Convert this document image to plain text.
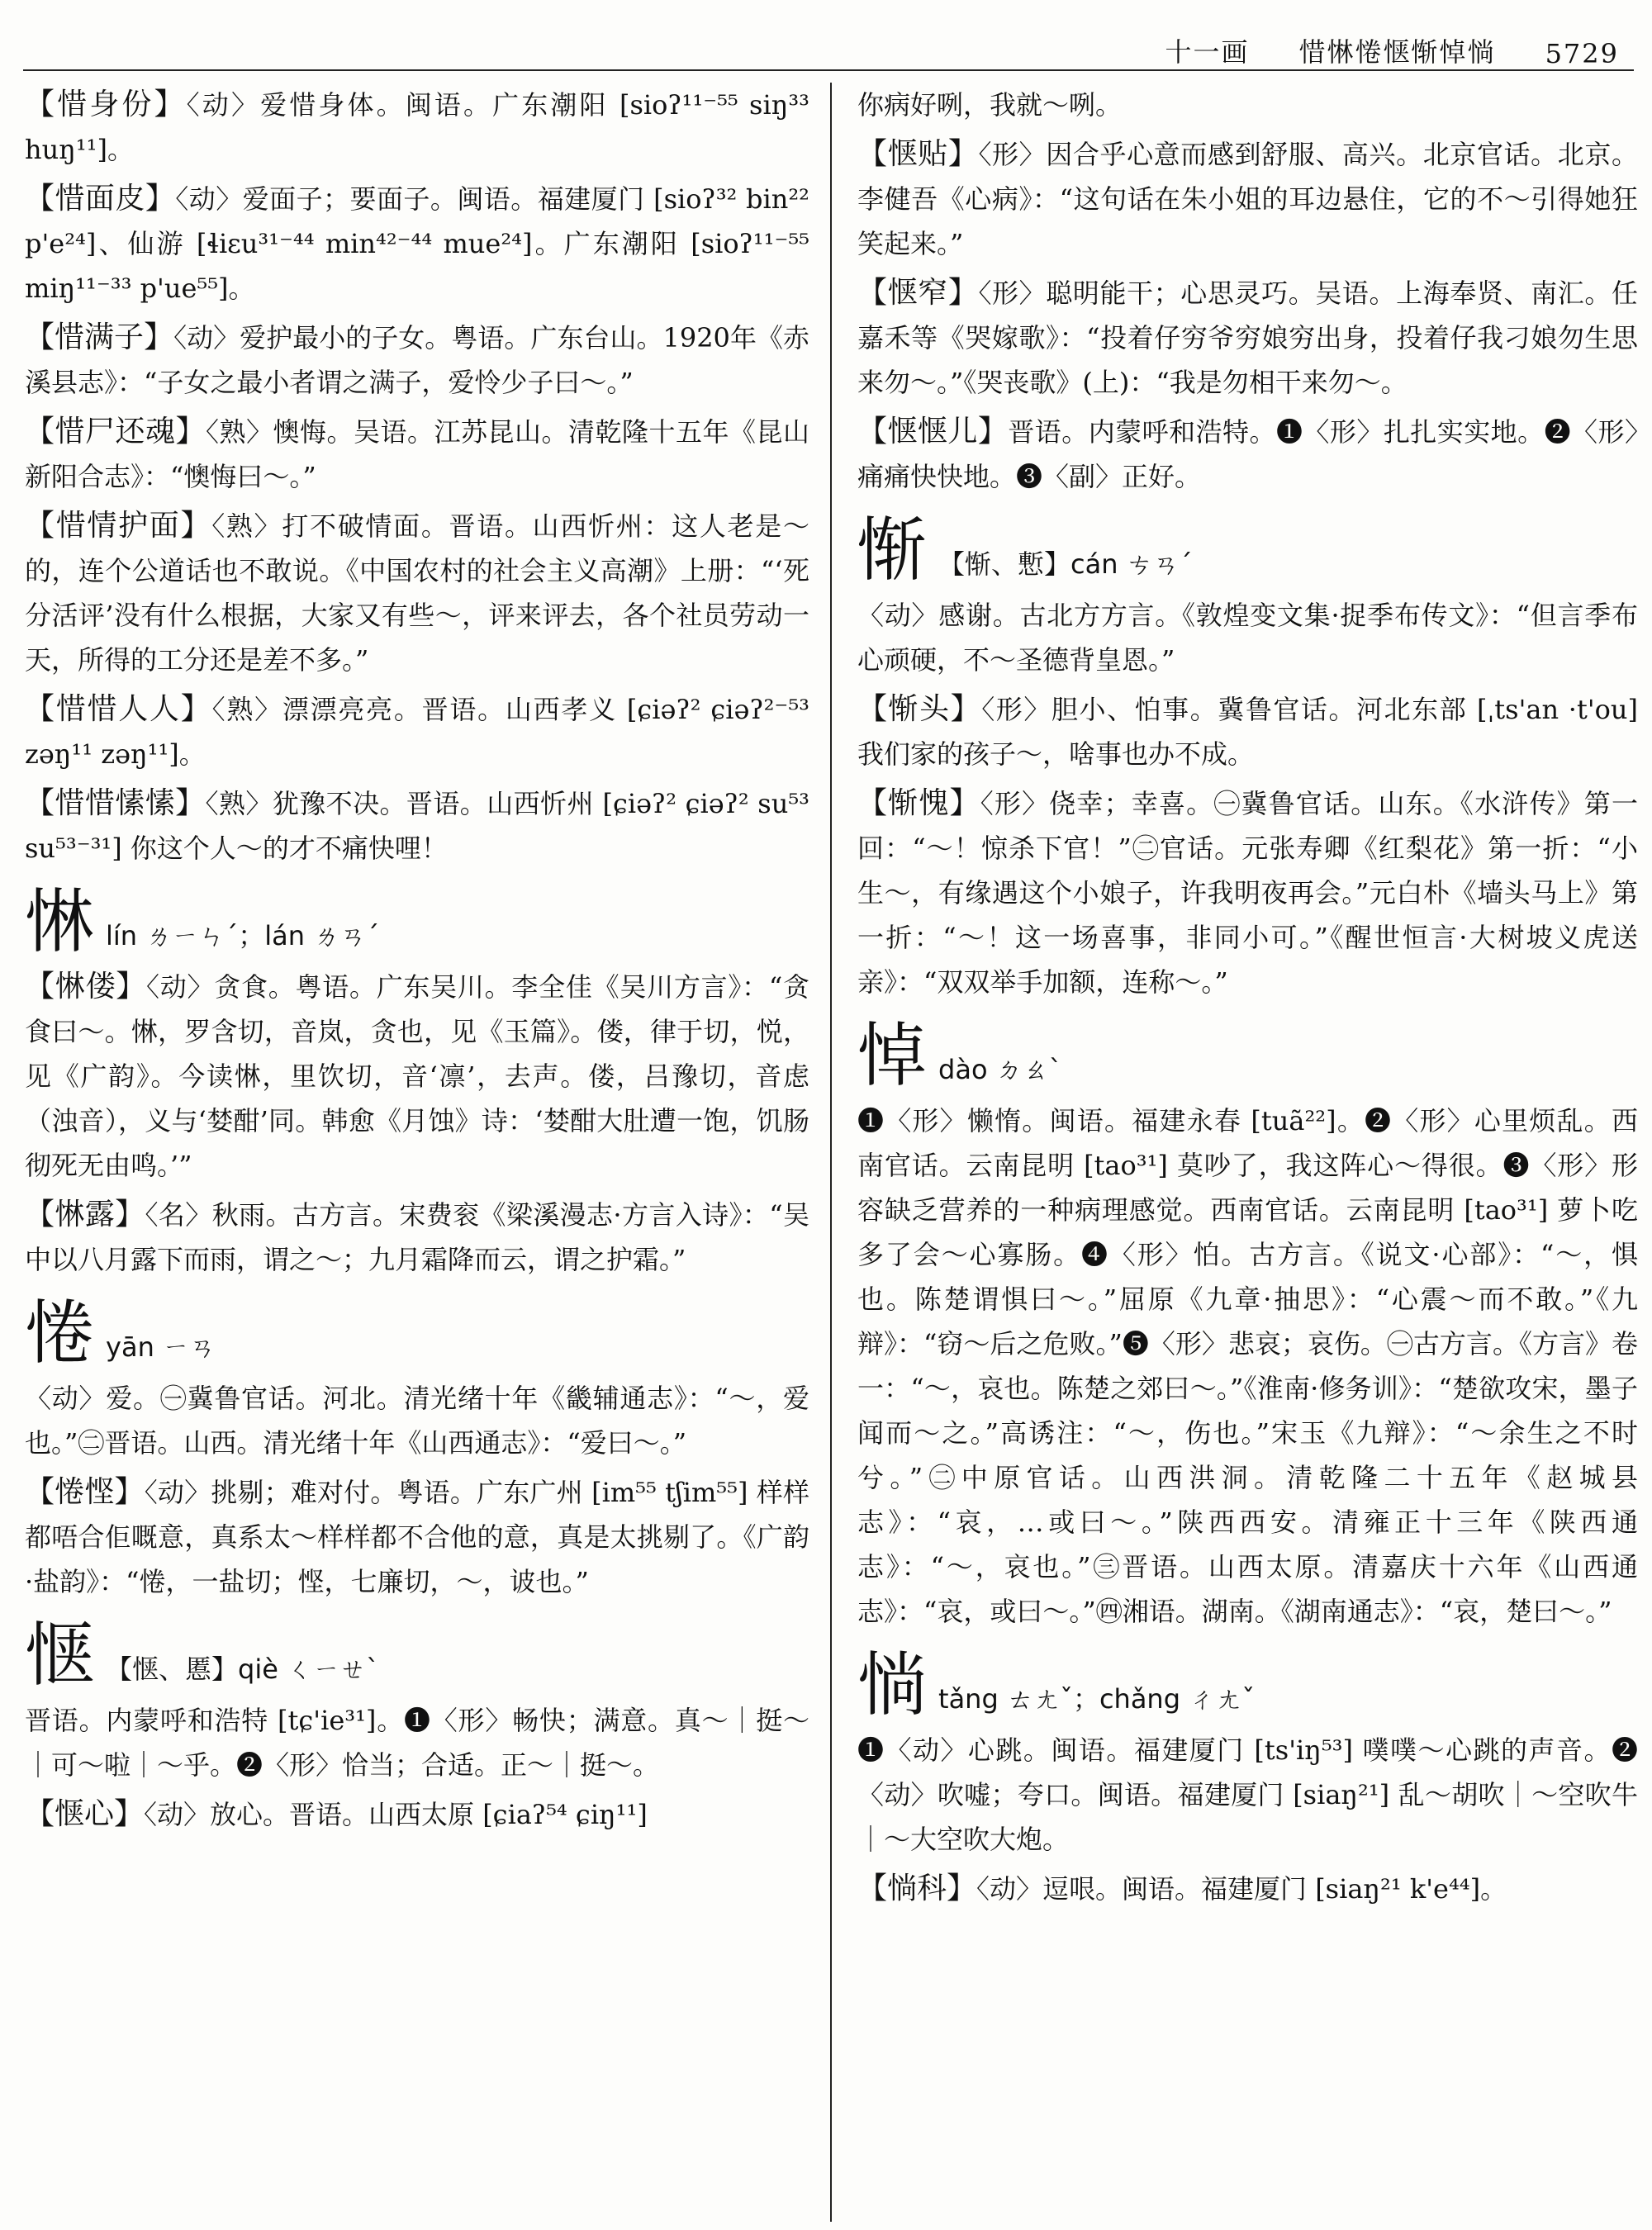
十一画 惜惏惓惬惭悼惝 5729
【惜身份】〈动〉爱惜身体。闽语。广东潮阳 [sioʔ¹¹⁻⁵⁵ siŋ³³ huŋ¹¹]。
【惜面皮】〈动〉爱面子；要面子。闽语。福建厦门 [sioʔ³² bin²² p'e²⁴]、仙游 [ɬiɛu³¹⁻⁴⁴ min⁴²⁻⁴⁴ mue²⁴]。广东潮阳 [sioʔ¹¹⁻⁵⁵ miŋ¹¹⁻³³ p'ue⁵⁵]。
【惜满子】〈动〉爱护最小的子女。粤语。广东台山。1920年《赤溪县志》：“子女之最小者谓之满子，爱怜少子曰～。”
【惜尸还魂】〈熟〉懊悔。吴语。江苏昆山。清乾隆十五年《昆山新阳合志》：“懊悔曰～。”
【惜情护面】〈熟〉打不破情面。晋语。山西忻州：这人老是～的，连个公道话也不敢说。《中国农村的社会主义高潮》上册：“‘死分活评’没有什么根据，大家又有些～，评来评去，各个社员劳动一天，所得的工分还是差不多。”
【惜惜人人】〈熟〉漂漂亮亮。晋语。山西孝义 [ɕiəʔ² ɕiəʔ²⁻⁵³ zəŋ¹¹ zəŋ¹¹]。
【惜惜愫愫】〈熟〉犹豫不决。晋语。山西忻州 [ɕiəʔ² ɕiəʔ² su⁵³ su⁵³⁻³¹] 你这个人～的才不痛快哩！
惏 lín ㄌㄧㄣˊ；lán ㄌㄢˊ
【惏偻】〈动〉贪食。粤语。广东吴川。李全佳《吴川方言》：“贪食曰～。惏，罗含切，音岚，贪也，见《玉篇》。偻，律于切，悦，见《广韵》。今读惏，里饮切，音‘凛’，去声。偻，吕豫切，音虑（浊音），义与‘婪酣’同。韩愈《月蚀》诗：‘婪酣大肚遭一饱，饥肠彻死无由鸣。’”
【惏露】〈名〉秋雨。古方言。宋费衮《梁溪漫志·方言入诗》：“吴中以八月露下而雨，谓之～；九月霜降而云，谓之护霜。”
惓 yān ㄧㄢ
〈动〉爱。㊀冀鲁官话。河北。清光绪十年《畿辅通志》：“～，爱也。”㊁晋语。山西。清光绪十年《山西通志》：“爱曰～。”
【惓悭】〈动〉挑剔；难对付。粤语。广东广州 [im⁵⁵ tʃim⁵⁵] 样样都唔合佢嘅意，真系太～样样都不合他的意，真是太挑剔了。《广韵·盐韵》：“惓，一盐切；悭，七廉切，～，诐也。”
惬 【惬、慝】qiè ㄑㄧㄝˋ
晋语。内蒙呼和浩特 [tɕ'ie³¹]。❶〈形〉畅快；满意。真～｜挺～｜可～啦｜～乎。❷〈形〉恰当；合适。正～｜挺～。
【惬心】〈动〉放心。晋语。山西太原 [ɕiaʔ⁵⁴ ɕiŋ¹¹]
你病好咧，我就～咧。
【惬贴】〈形〉因合乎心意而感到舒服、高兴。北京官话。北京。李健吾《心病》：“这句话在朱小姐的耳边悬住，它的不～引得她狂笑起来。”
【惬窄】〈形〉聪明能干；心思灵巧。吴语。上海奉贤、南汇。任嘉禾等《哭嫁歌》：“投着仔穷爷穷娘穷出身，投着仔我刁娘勿生思来勿～。”《哭丧歌》(上)：“我是勿相干来勿～。
【惬惬儿】晋语。内蒙呼和浩特。❶〈形〉扎扎实实地。❷〈形〉痛痛快快地。❸〈副〉正好。
惭 【惭、慙】cán ㄘㄢˊ
〈动〉感谢。古北方方言。《敦煌变文集·捉季布传文》：“但言季布心顽硬，不～圣德背皇恩。”
【惭头】〈形〉胆小、怕事。冀鲁官话。河北东部 [ˌts'an ·t'ou] 我们家的孩子～，啥事也办不成。
【惭愧】〈形〉侥幸；幸喜。㊀冀鲁官话。山东。《水浒传》第一回：“～！惊杀下官！”㊁官话。元张寿卿《红梨花》第一折：“小生～，有缘遇这个小娘子，许我明夜再会。”元白朴《墙头马上》第一折：“～！这一场喜事，非同小可。”《醒世恒言·大树坡义虎送亲》：“双双举手加额，连称～。”
悼 dào ㄉㄠˋ
❶〈形〉懒惰。闽语。福建永春 [tuã²²]。❷〈形〉心里烦乱。西南官话。云南昆明 [tao³¹] 莫吵了，我这阵心～得很。❸〈形〉形容缺乏营养的一种病理感觉。西南官话。云南昆明 [tao³¹] 萝卜吃多了会～心寡肠。❹〈形〉怕。古方言。《说文·心部》：“～，惧也。陈楚谓惧曰～。”屈原《九章·抽思》：“心震～而不敢。”《九辩》：“窃～后之危败。”❺〈形〉悲哀；哀伤。㊀古方言。《方言》卷一：“～，哀也。陈楚之郊曰～。”《淮南·修务训》：“楚欲攻宋，墨子闻而～之。”高诱注：“～，伤也。”宋玉《九辩》：“～余生之不时兮。”㊁中原官话。山西洪洞。清乾隆二十五年《赵城县志》：“哀，…或曰～。”陕西西安。清雍正十三年《陕西通志》：“～，哀也。”㊂晋语。山西太原。清嘉庆十六年《山西通志》：“哀，或曰～。”㊃湘语。湖南。《湖南通志》：“哀，楚曰～。”
惝 tǎng ㄊㄤˇ；chǎng ㄔㄤˇ
❶〈动〉心跳。闽语。福建厦门 [ts'iŋ⁵³] 噗噗～心跳的声音。❷〈动〉吹嘘；夸口。闽语。福建厦门 [siaŋ²¹] 乱～胡吹｜～空吹牛｜～大空吹大炮。
【惝科】〈动〉逗哏。闽语。福建厦门 [siaŋ²¹ k'e⁴⁴]。
